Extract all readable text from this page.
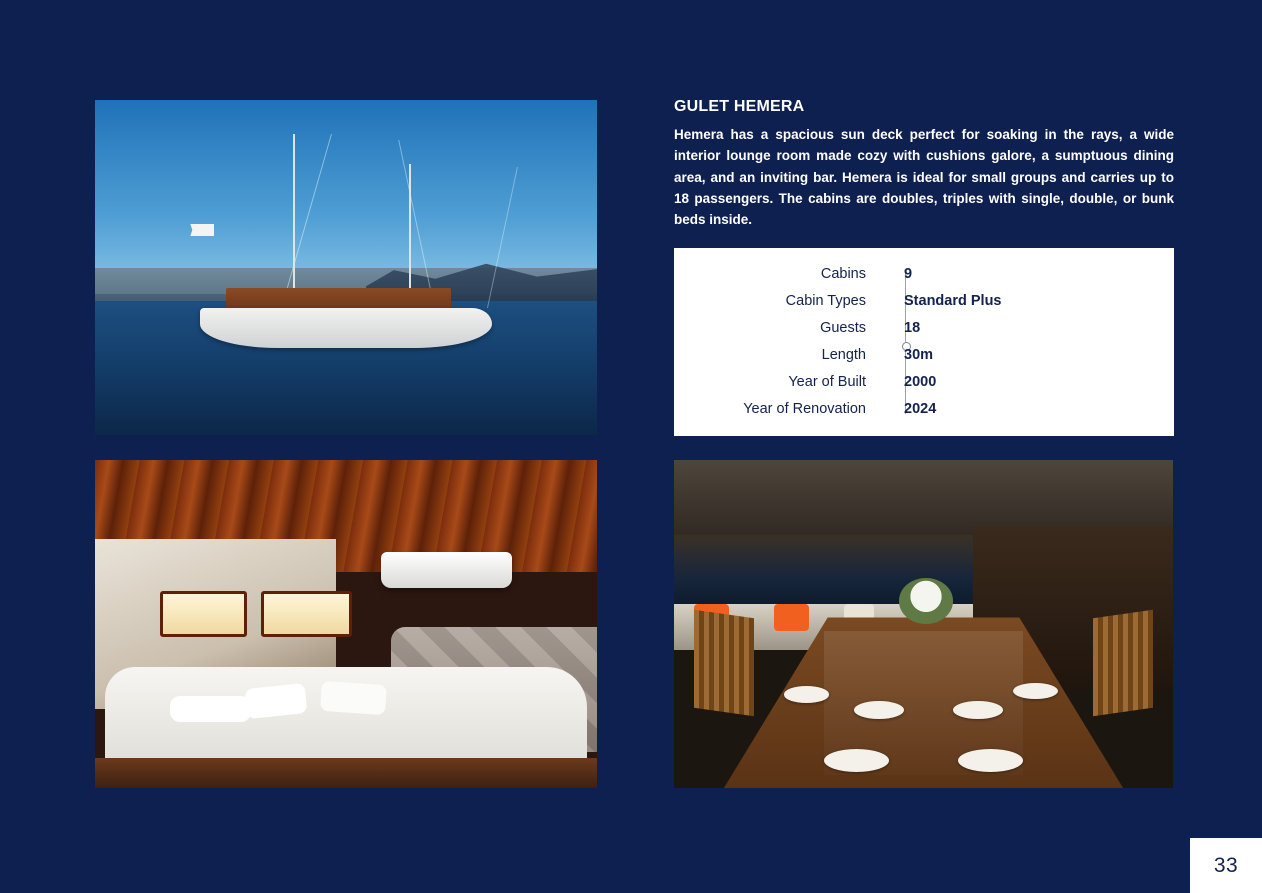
GULET HEMERA

Hemera has a spacious sun deck perfect for soaking in the rays, a wide interior lounge room made cozy with cushions galore, a sumptuous dining area, and an inviting bar. Hemera is ideal for small groups and carries up to 18 passengers. The cabins are doubles, triples with single, double, or bunk beds inside.

Cabins	9
Cabin Types	Standard Plus
Guests	18
Length	30m
Year of Built	2000
Year of Renovation	2024
33
